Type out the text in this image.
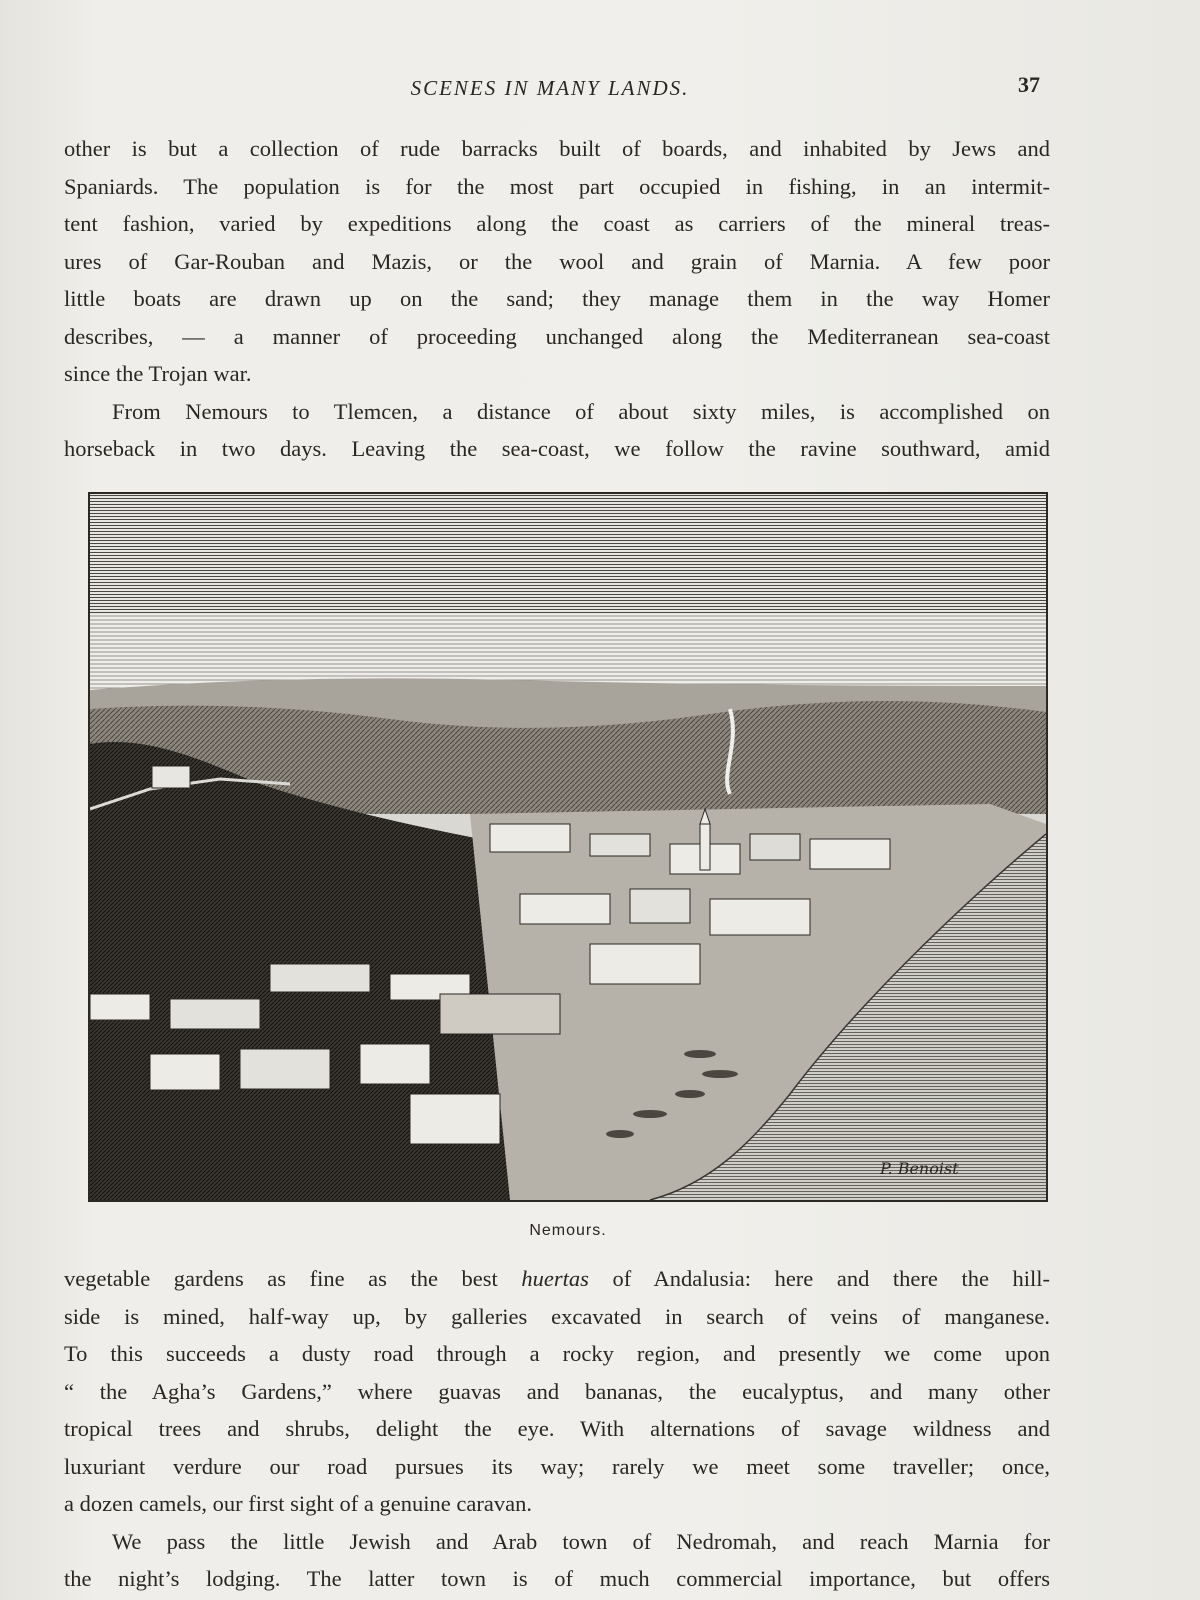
SCENES IN MANY LANDS.	37

other is but a collection of rude barracks built of boards, and inhabited by Jews and

Spaniards. The population is for the most part occupied in fishing, in an intermit-

tent fashion, varied by expeditions along the coast as carriers of the mineral treas-

ures of Gar-Rouban and Mazis, or the wool and grain of Marnia. A few poor

little boats are drawn up on the sand; they manage them in the way Homer

describes, — a manner of proceeding unchanged along the Mediterranean sea-coast

since the Trojan war.

From Nemours to Tlemcen, a distance of about sixty miles, is accomplished on

horseback in two days. Leaving the sea-coast, we follow the ravine southward, amid

P. Benoist
Nemours.

vegetable gardens as fine as the best huertas of Andalusia: here and there the hill-

side is mined, half-way up, by galleries excavated in search of veins of manganese.

To this succeeds a dusty road through a rocky region, and presently we come upon

“ the Agha’s Gardens,” where guavas and bananas, the eucalyptus, and many other

tropical trees and shrubs, delight the eye. With alternations of savage wildness and

luxuriant verdure our road pursues its way; rarely we meet some traveller; once,

a dozen camels, our first sight of a genuine caravan.

We pass the little Jewish and Arab town of Nedromah, and reach Marnia for

the night’s lodging. The latter town is of much commercial importance, but offers
